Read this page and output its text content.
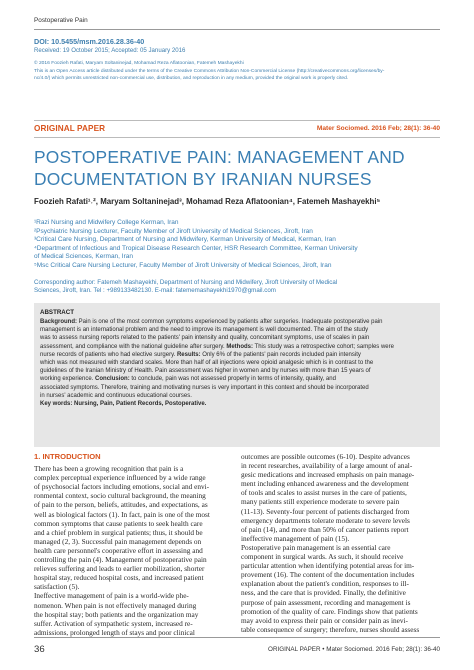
Postoperative Pain
DOI: 10.5455/msm.2016.28.36-40
Received: 19 October 2015; Accepted: 05 January 2016

© 2016 Foozieh Rafati, Maryam Soltaninejad, Mohamad Reza Aflatoonian, Fatemeh Mashayekhi

This is an Open Access article distributed under the terms of the Creative Commons Attribution Non-Commercial License (http://creativecommons.org/licenses/by-

nc/4.0/) which permits unrestricted non-commercial use, distribution, and reproduction in any medium, provided the original work is properly cited.

ORIGINAL PAPER	Mater Sociomed. 2016 Feb; 28(1): 36-40
POSTOPERATIVE PAIN: MANAGEMENT AND
DOCUMENTATION BY IRANIAN NURSES
Foozieh Rafati¹˒², Maryam Soltaninejad³, Mohamad Reza Aflatoonian⁴, Fatemeh Mashayekhi⁵
¹Razi Nursing and Midwifery College Kerman, Iran
²Psychiatric Nursing Lecturer, Faculty Member of Jiroft University of Medical Sciences, Jiroft, Iran
³Critical Care Nursing, Department of Nursing and Midwifery, Kerman University of Medical, Kerman, Iran
⁴Department of Infectious and Tropical Disease Research Center, HSR Research Committee, Kerman University
of Medical Sciences, Kerman, Iran
⁵Msc Critical Care Nursing Lecturer, Faculty Member of Jiroft University of Medical Sciences, Jiroft, Iran
Corresponding author: Fatemeh Mashayekhi, Department of Nursing and Midwifery, Jiroft University of Medical
Sciences, Jiroft, Iran. Tel : +989133482130. E-mail: fatememashayekhi1970@gmail.com
ABSTRACT
Background: Pain is one of the most common symptoms experienced by patients after surgeries. Inadequate postoperative pain
management is an international problem and the need to improve its management is well documented. The aim of the study
was to assess nursing reports related to the patients' pain intensity and quality, concomitant symptoms, use of scales in pain
assessment, and compliance with the national guideline after surgery. Methods: This study was a retrospective cohort; samples were
nurse records of patients who had elective surgery. Results: Only 6% of the patients' pain records included pain intensity
which was not measured with standard scales. More than half of all injections were opioid analgesic which is in contrast to the
guidelines of the Iranian Ministry of Health. Pain assessment was higher in women and by nurses with more than 15 years of
working experience. Conclusion: to conclude, pain was not assessed properly in terms of intensity, quality, and
associated symptoms. Therefore, training and motivating nurses is very important in this context and should be incorporated
in nurses' academic and continuous educational courses.
Key words: Nursing, Pain, Patient Records, Postoperative.
1. INTRODUCTION
There has been a growing recognition that pain is a
complex perceptual experience influenced by a wide range
of psychosocial factors including emotions, social and envi-
ronmental context, socio cultural background, the meaning
of pain to the person, beliefs, attitudes, and expectations, as
well as biological factors (1). In fact, pain is one of the most
common symptoms that cause patients to seek health care
and a chief problem in surgical patients; thus, it should be
managed (2, 3). Successful pain management depends on
health care personnel's cooperative effort in assessing and
controlling the pain (4). Management of postoperative pain
relieves suffering and leads to earlier mobilization, shorter
hospital stay, reduced hospital costs, and increased patient
satisfaction (5).
Ineffective management of pain is a world-wide phe-
nomenon. When pain is not effectively managed during
the hospital stay; both patients and the organization may
suffer. Activation of sympathetic system, increased re-
admissions, prolonged length of stays and poor clinical
outcomes are possible outcomes (6-10). Despite advances
in recent researches, availability of a large amount of anal-
gesic medications and increased emphasis on pain manage-
ment including enhanced awareness and the development
of tools and scales to assist nurses in the care of patients,
many patients still experience moderate to severe pain
(11-13). Seventy-four percent of patients discharged from
emergency departments tolerate moderate to severe levels
of pain (14), and more than 50% of cancer patients report
ineffective management of pain (15).
Postoperative pain management is an essential care
component in surgical wards. As such, it should receive
particular attention when identifying potential areas for im-
provement (16). The content of the documentation includes
explanation about the patient's condition, responses to ill-
ness, and the care that is provided. Finally, the definitive
purpose of pain assessment, recording and management is
promotion of the quality of care. Findings show that patients
may avoid to express their pain or consider pain as inevi-
table consequence of surgery; therefore, nurses should assess
36	ORIGINAL PAPER • Mater Sociomed. 2016 Feb; 28(1): 36-40
